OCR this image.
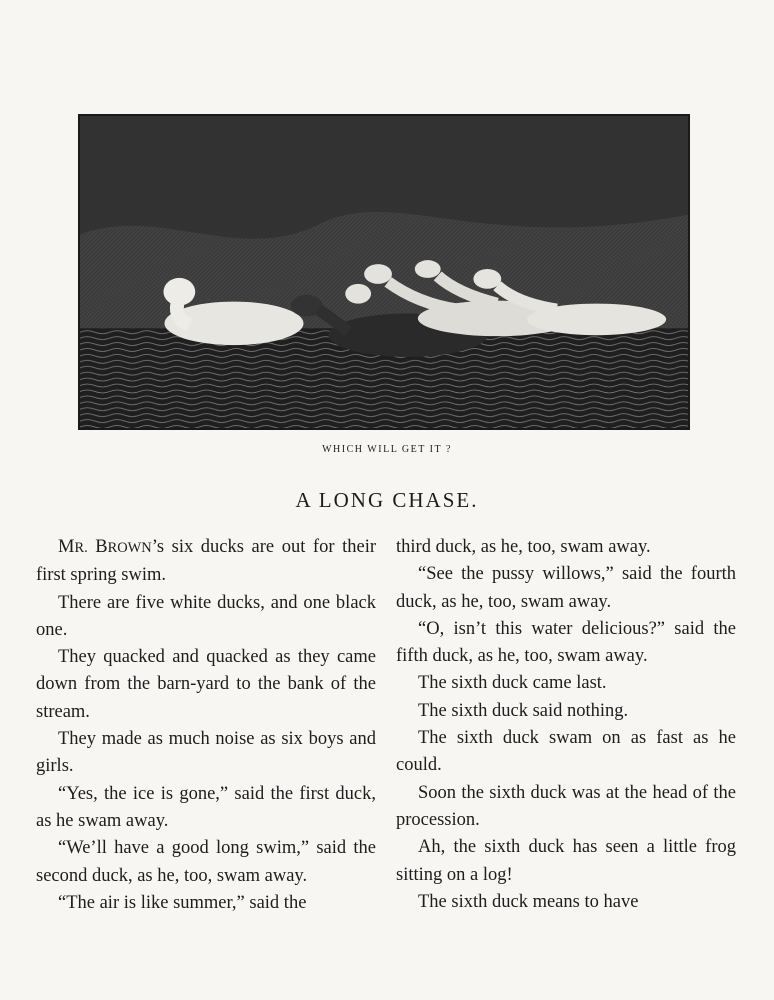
WHICH WILL GET IT ?
A LONG CHASE.

MR. BROWN’s six ducks are out for their first spring swim.

There are five white ducks, and one black one.

They quacked and quacked as they came down from the barn-yard to the bank of the stream.

They made as much noise as six boys and girls.

“Yes, the ice is gone,” said the first duck, as he swam away.

“We’ll have a good long swim,” said the second duck, as he, too, swam away.

“The air is like summer,” said the

third duck, as he, too, swam away.

“See the pussy willows,” said the fourth duck, as he, too, swam away.

“O, isn’t this water delicious?” said the fifth duck, as he, too, swam away.

The sixth duck came last.

The sixth duck said nothing.

The sixth duck swam on as fast as he could.

Soon the sixth duck was at the head of the procession.

Ah, the sixth duck has seen a little frog sitting on a log!

The sixth duck means to have
